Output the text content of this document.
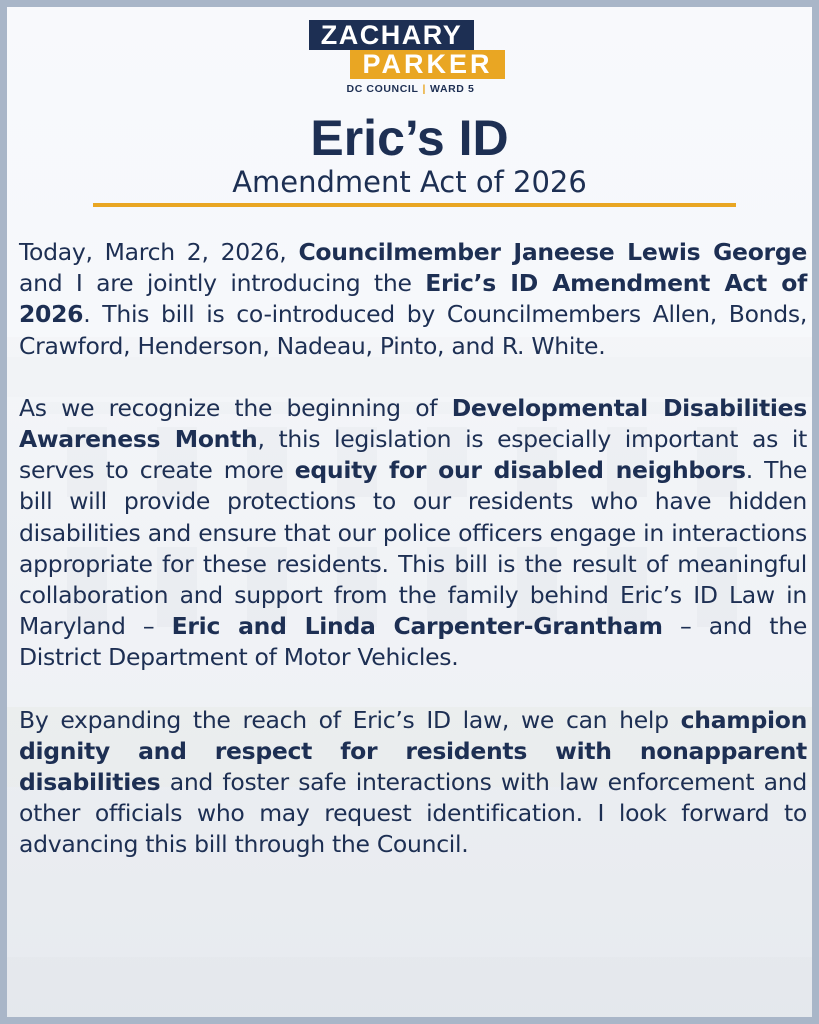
ZACHARY
PARKER
DC COUNCIL | WARD 5
Eric’s ID
Amendment Act of 2026

Today, March 2, 2026, Councilmember Janeese Lewis George and I are jointly introducing the Eric’s ID Amendment Act of 2026. This bill is co-introduced by Councilmembers Allen, Bonds, Crawford, Henderson, Nadeau, Pinto, and R. White.

As we recognize the beginning of Developmental Disabilities Awareness Month, this legislation is especially important as it serves to create more equity for our disabled neighbors. The bill will provide protections to our residents who have hidden disabilities and ensure that our police officers engage in interactions appropriate for these residents. This bill is the result of meaningful collaboration and support from the family behind Eric’s ID Law in Maryland – Eric and Linda Carpenter-Grantham – and the District Department of Motor Vehicles.

By expanding the reach of Eric’s ID law, we can help champion dignity and respect for residents with nonapparent disabilities and foster safe interactions with law enforcement and other officials who may request identification. I look forward to advancing this bill through the Council.
